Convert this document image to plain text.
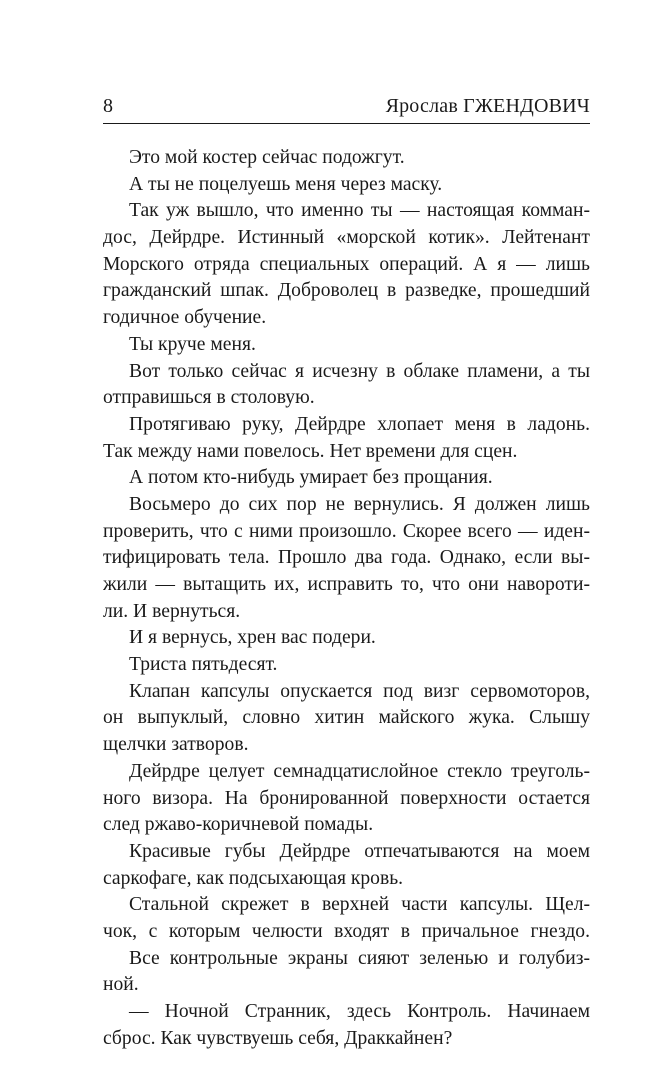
8	Ярослав ГЖЕНДОВИЧ
Это мой костер сейчас подожгут.
А ты не поцелуешь меня через маску.
Так уж вышло, что именно ты — настоящая комман-
дос, Дейрдре. Истинный «морской котик». Лейтенант
Морского отряда специальных операций. А я — лишь
гражданский шпак. Доброволец в разведке, прошедший
годичное обучение.
Ты круче меня.
Вот только сейчас я исчезну в облаке пламени, а ты
отправишься в столовую.
Протягиваю руку, Дейрдре хлопает меня в ладонь.
Так между нами повелось. Нет времени для сцен.
А потом кто-нибудь умирает без прощания.
Восьмеро до сих пор не вернулись. Я должен лишь
проверить, что с ними произошло. Скорее всего — иден-
тифицировать тела. Прошло два года. Однако, если вы-
жили — вытащить их, исправить то, что они навороти-
ли. И вернуться.
И я вернусь, хрен вас подери.
Триста пятьдесят.
Клапан капсулы опускается под визг сервомоторов,
он выпуклый, словно хитин майского жука. Слышу
щелчки затворов.
Дейрдре целует семнадцатислойное стекло треуголь-
ного визора. На бронированной поверхности остается
след ржаво-коричневой помады.
Красивые губы Дейрдре отпечатываются на моем
саркофаге, как подсыхающая кровь.
Стальной скрежет в верхней части капсулы. Щел-
чок, с которым челюсти входят в причальное гнездо.
Все контрольные экраны сияют зеленью и голубиз-
ной.
— Ночной Странник, здесь Контроль. Начинаем
сброс. Как чувствуешь себя, Драккайнен?
